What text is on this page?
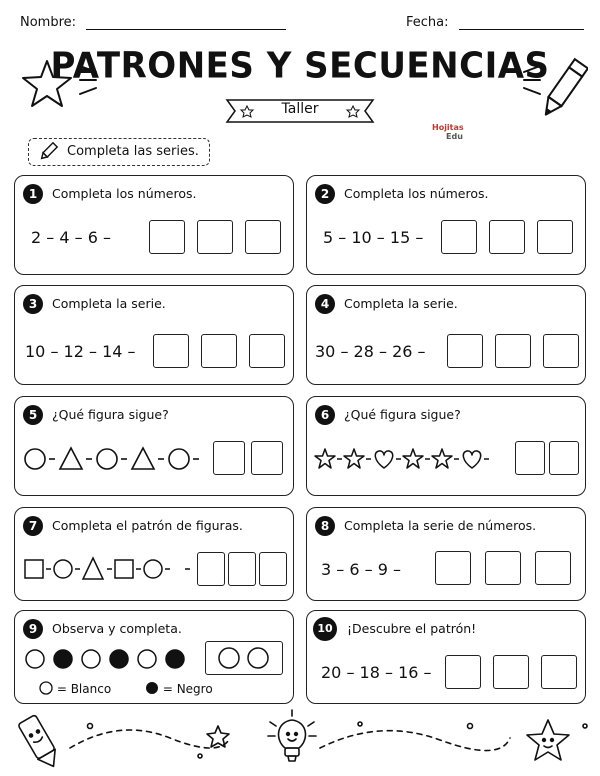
Nombre:	Fecha:
PATRONES Y SECUENCIAS
Taller
Hojitas
Edu
Completa las series.
1	Completa los números.
2 – 4 – 6 –
2	Completa los números.
5 – 10 – 15 –
3	Completa la serie.
10 – 12 – 14 –
4	Completa la serie.
30 – 28 – 26 –
5	¿Qué figura sigue?	6	¿Qué figura sigue?
7	Completa el patrón de figuras.	8	Completa la serie de números.
3 – 6 – 9 –
9	Observa y completa.
= Blanco	= Negro
10	¡Descubre el patrón!
20 – 18 – 16 –
